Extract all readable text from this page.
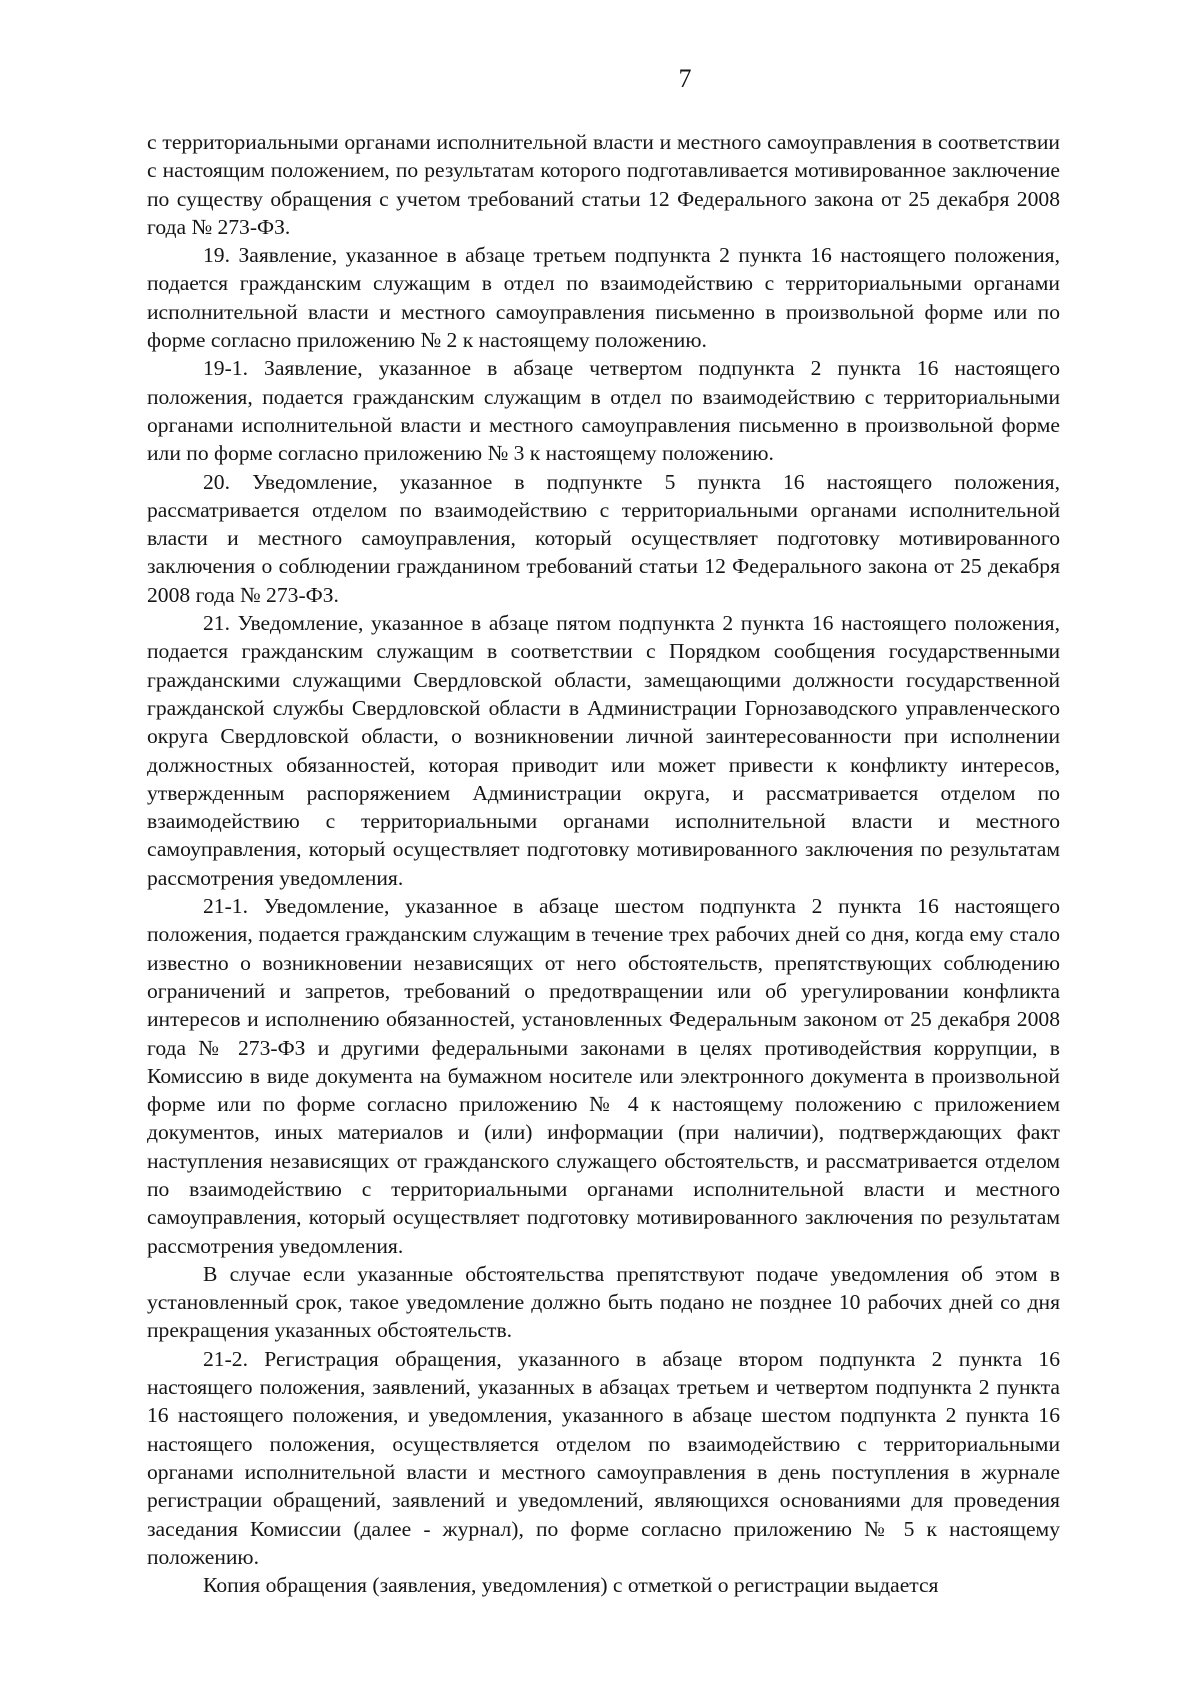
7

с территориальными органами исполнительной власти и местного самоуправления в соответствии с настоящим положением, по результатам которого подготавливается мотивированное заключение по существу обращения с учетом требований статьи 12 Федерального закона от 25 декабря 2008 года № 273-ФЗ.

19. Заявление, указанное в абзаце третьем подпункта 2 пункта 16 настоящего положения, подается гражданским служащим в отдел по взаимодействию с территориальными органами исполнительной власти и местного самоуправления письменно в произвольной форме или по форме согласно приложению № 2 к настоящему положению.

19-1. Заявление, указанное в абзаце четвертом подпункта 2 пункта 16 настоящего положения, подается гражданским служащим в отдел по взаимодействию с территориальными органами исполнительной власти и местного самоуправления письменно в произвольной форме или по форме согласно приложению № 3 к настоящему положению.

20. Уведомление, указанное в подпункте 5 пункта 16 настоящего положения, рассматривается отделом по взаимодействию с территориальными органами исполнительной власти и местного самоуправления, который осуществляет подготовку мотивированного заключения о соблюдении гражданином требований статьи 12 Федерального закона от 25 декабря 2008 года № 273-ФЗ.

21. Уведомление, указанное в абзаце пятом подпункта 2 пункта 16 настоящего положения, подается гражданским служащим в соответствии с Порядком сообщения государственными гражданскими служащими Свердловской области, замещающими должности государственной гражданской службы Свердловской области в Администрации Горнозаводского управленческого округа Свердловской области, о возникновении личной заинтересованности при исполнении должностных обязанностей, которая приводит или может привести к конфликту интересов, утвержденным распоряжением Администрации округа, и рассматривается отделом по взаимодействию с территориальными органами исполнительной власти и местного самоуправления, который осуществляет подготовку мотивированного заключения по результатам рассмотрения уведомления.

21-1. Уведомление, указанное в абзаце шестом подпункта 2 пункта 16 настоящего положения, подается гражданским служащим в течение трех рабочих дней со дня, когда ему стало известно о возникновении независящих от него обстоятельств, препятствующих соблюдению ограничений и запретов, требований о предотвращении или об урегулировании конфликта интересов и исполнению обязанностей, установленных Федеральным законом от 25 декабря 2008 года № 273-ФЗ и другими федеральными законами в целях противодействия коррупции, в Комиссию в виде документа на бумажном носителе или электронного документа в произвольной форме или по форме согласно приложению № 4 к настоящему положению с приложением документов, иных материалов и (или) информации (при наличии), подтверждающих факт наступления независящих от гражданского служащего обстоятельств, и рассматривается отделом по взаимодействию с территориальными органами исполнительной власти и местного самоуправления, который осуществляет подготовку мотивированного заключения по результатам рассмотрения уведомления.

В случае если указанные обстоятельства препятствуют подаче уведомления об этом в установленный срок, такое уведомление должно быть подано не позднее 10 рабочих дней со дня прекращения указанных обстоятельств.

21-2. Регистрация обращения, указанного в абзаце втором подпункта 2 пункта 16 настоящего положения, заявлений, указанных в абзацах третьем и четвертом подпункта 2 пункта 16 настоящего положения, и уведомления, указанного в абзаце шестом подпункта 2 пункта 16 настоящего положения, осуществляется отделом по взаимодействию с территориальными органами исполнительной власти и местного самоуправления в день поступления в журнале регистрации обращений, заявлений и уведомлений, являющихся основаниями для проведения заседания Комиссии (далее - журнал), по форме согласно приложению № 5 к настоящему положению.

Копия обращения (заявления, уведомления) с отметкой о регистрации выдается
